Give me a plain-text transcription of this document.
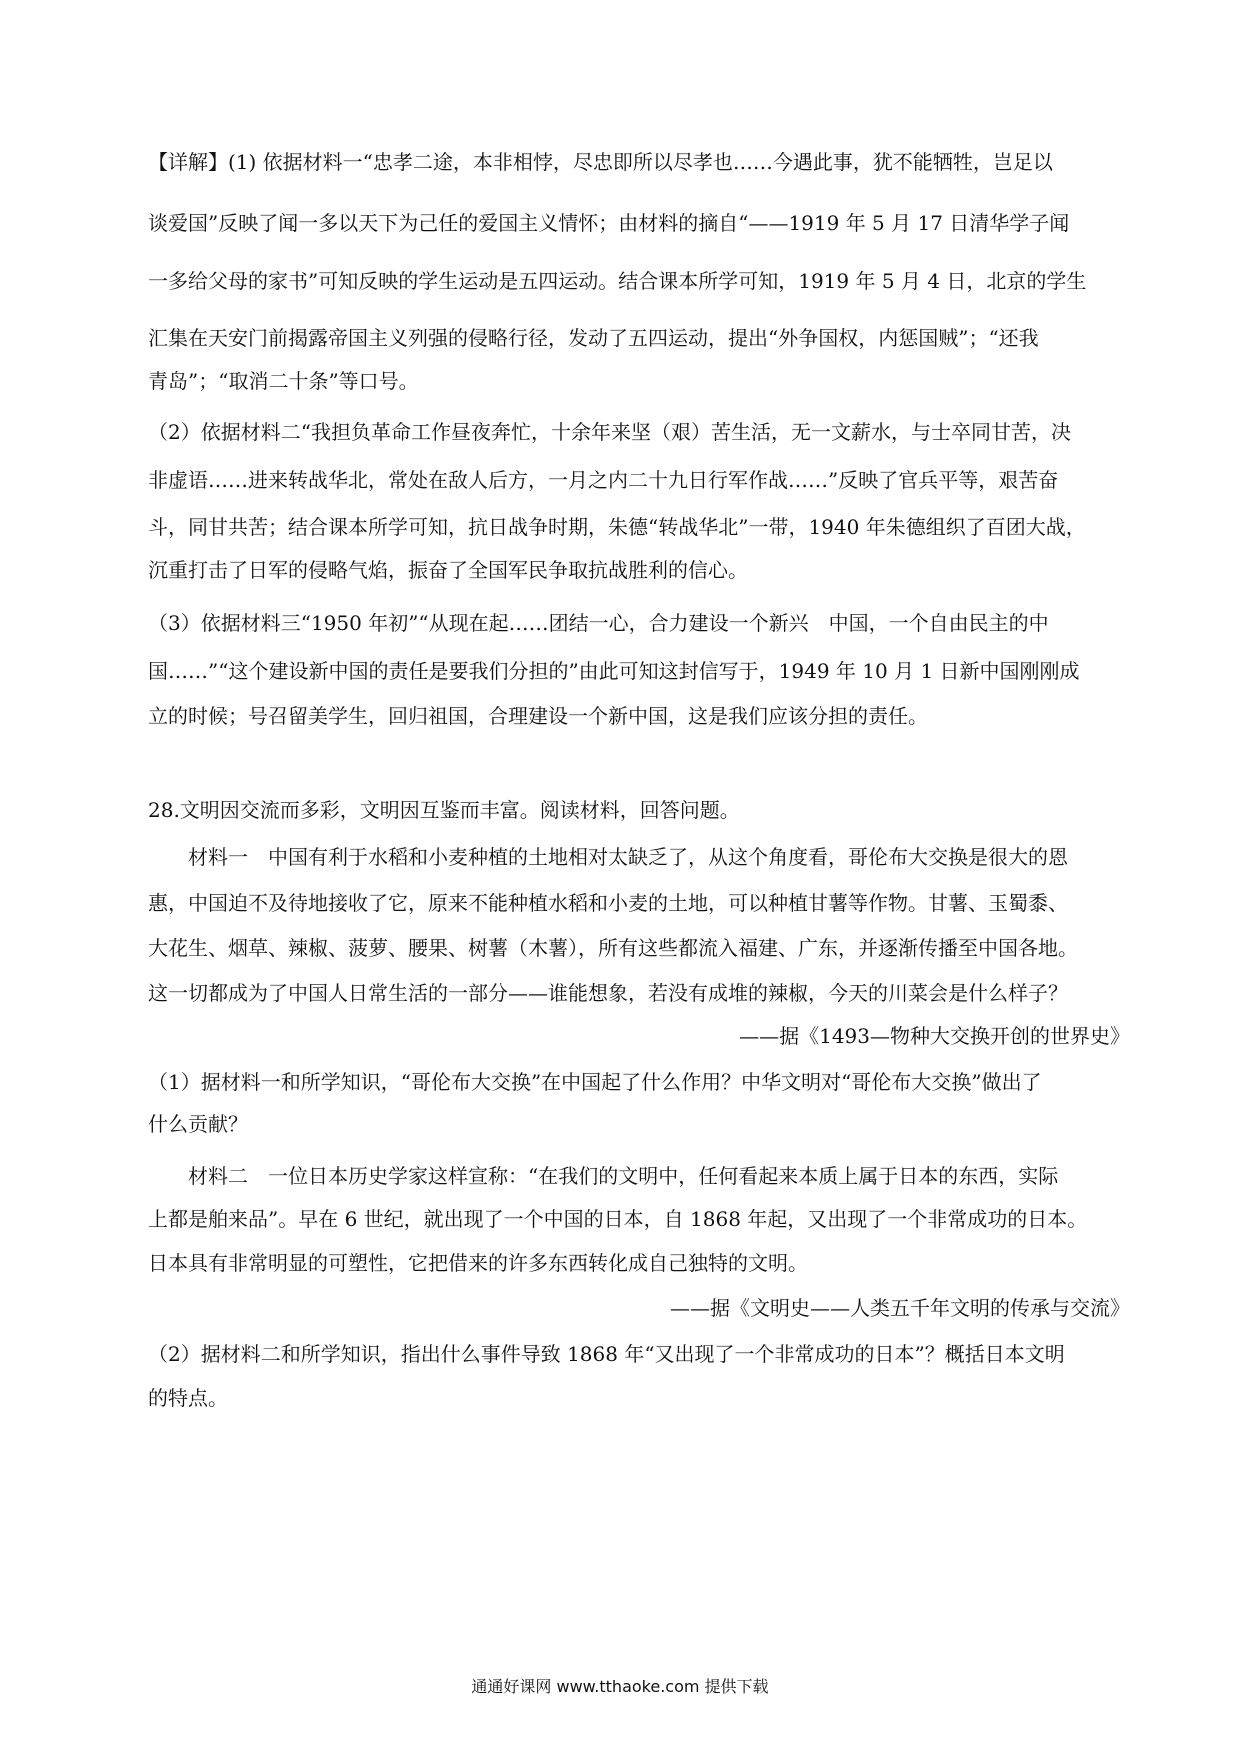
【详解】(1) 依据材料一“忠孝二途，本非相悖，尽忠即所以尽孝也……今遇此事，犹不能牺牲，岂足以
谈爱国”反映了闻一多以天下为己任的爱国主义情怀；由材料的摘自“——1919 年 5 月 17 日清华学子闻
一多给父母的家书”可知反映的学生运动是五四运动。结合课本所学可知，1919 年 5 月 4 日，北京的学生
汇集在天安门前揭露帝国主义列强的侵略行径，发动了五四运动，提出“外争国权，内惩国贼”；“还我
青岛”；“取消二十条”等口号。
（2）依据材料二“我担负革命工作昼夜奔忙，十余年来坚（艰）苦生活，无一文薪水，与士卒同甘苦，决
非虚语……进来转战华北，常处在敌人后方，一月之内二十九日行军作战……”反映了官兵平等，艰苦奋
斗，同甘共苦；结合课本所学可知，抗日战争时期，朱德“转战华北”一带，1940 年朱德组织了百团大战，
沉重打击了日军的侵略气焰，振奋了全国军民争取抗战胜利的信心。
（3）依据材料三“1950 年初”“从现在起……团结一心，合力建设一个新兴　中国，一个自由民主的中
国……”“这个建设新中国的责任是要我们分担的”由此可知这封信写于，1949 年 10 月 1 日新中国刚刚成
立的时候；号召留美学生，回归祖国，合理建设一个新中国，这是我们应该分担的责任。
28.文明因交流而多彩，文明因互鉴而丰富。阅读材料，回答问题。
　　材料一　中国有利于水稻和小麦种植的土地相对太缺乏了，从这个角度看，哥伦布大交换是很大的恩
惠，中国迫不及待地接收了它，原来不能种植水稻和小麦的土地，可以种植甘薯等作物。甘薯、玉蜀黍、
大花生、烟草、辣椒、菠萝、腰果、树薯（木薯），所有这些都流入福建、广东，并逐渐传播至中国各地。
这一切都成为了中国人日常生活的一部分——谁能想象，若没有成堆的辣椒，今天的川菜会是什么样子？
——据《1493—物种大交换开创的世界史》
（1）据材料一和所学知识，“哥伦布大交换”在中国起了什么作用？中华文明对“哥伦布大交换”做出了
什么贡献？
　　材料二　一位日本历史学家这样宣称：“在我们的文明中，任何看起来本质上属于日本的东西，实际
上都是舶来品”。早在 6 世纪，就出现了一个中国的日本，自 1868 年起，又出现了一个非常成功的日本。
日本具有非常明显的可塑性，它把借来的许多东西转化成自己独特的文明。
——据《文明史——人类五千年文明的传承与交流》
（2）据材料二和所学知识，指出什么事件导致 1868 年“又出现了一个非常成功的日本”？概括日本文明
的特点。
通通好课网 www.tthaoke.com 提供下载
